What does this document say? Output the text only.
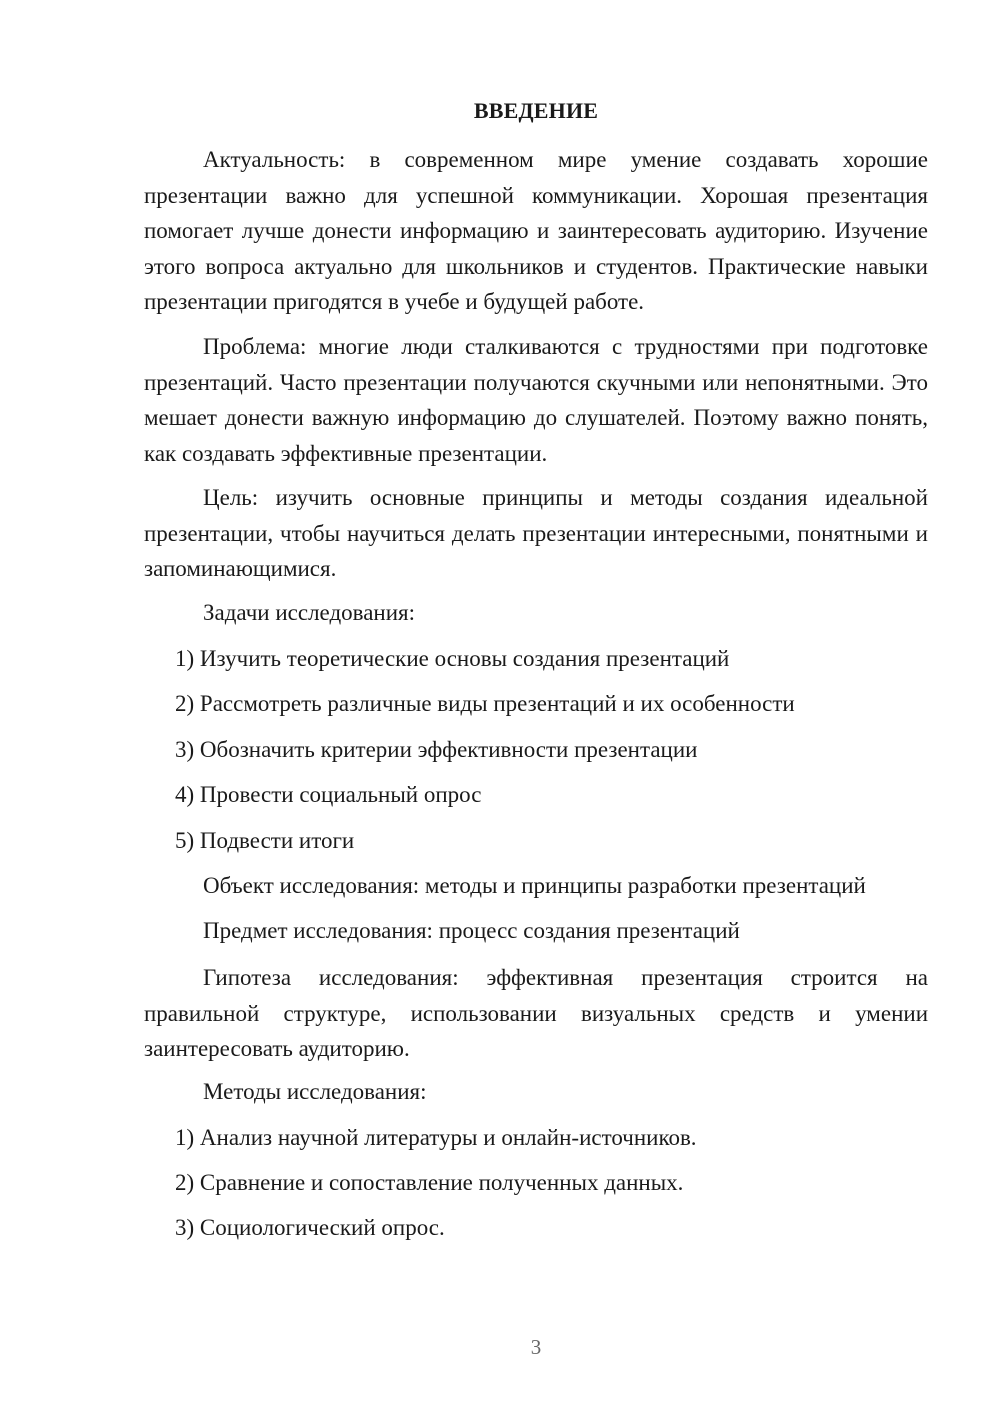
ВВЕДЕНИЕ

Актуальность: в современном мире умение создавать хорошие презентации важно для успешной коммуникации. Хорошая презентация помогает лучше донести информацию и заинтересовать аудиторию. Изучение этого вопроса актуально для школьников и студентов. Практические навыки презентации пригодятся в учебе и будущей работе.

Проблема: многие люди сталкиваются с трудностями при подготовке презентаций. Часто презентации получаются скучными или непонятными. Это мешает донести важную информацию до слушателей. Поэтому важно понять, как создавать эффективные презентации.

Цель: изучить основные принципы и методы создания идеальной презентации, чтобы научиться делать презентации интересными, понятными и запоминающимися.

Задачи исследования:

1) Изучить теоретические основы создания презентаций

2) Рассмотреть различные виды презентаций и их особенности

3) Обозначить критерии эффективности презентации

4) Провести социальный опрос

5) Подвести итоги

Объект исследования: методы и принципы разработки презентаций

Предмет исследования: процесс создания презентаций

Гипотеза исследования: эффективная презентация строится на правильной структуре, использовании визуальных средств и умении заинтересовать аудиторию.

Методы исследования:

1) Анализ научной литературы и онлайн-источников.

2) Сравнение и сопоставление полученных данных.

3) Социологический опрос.

3
